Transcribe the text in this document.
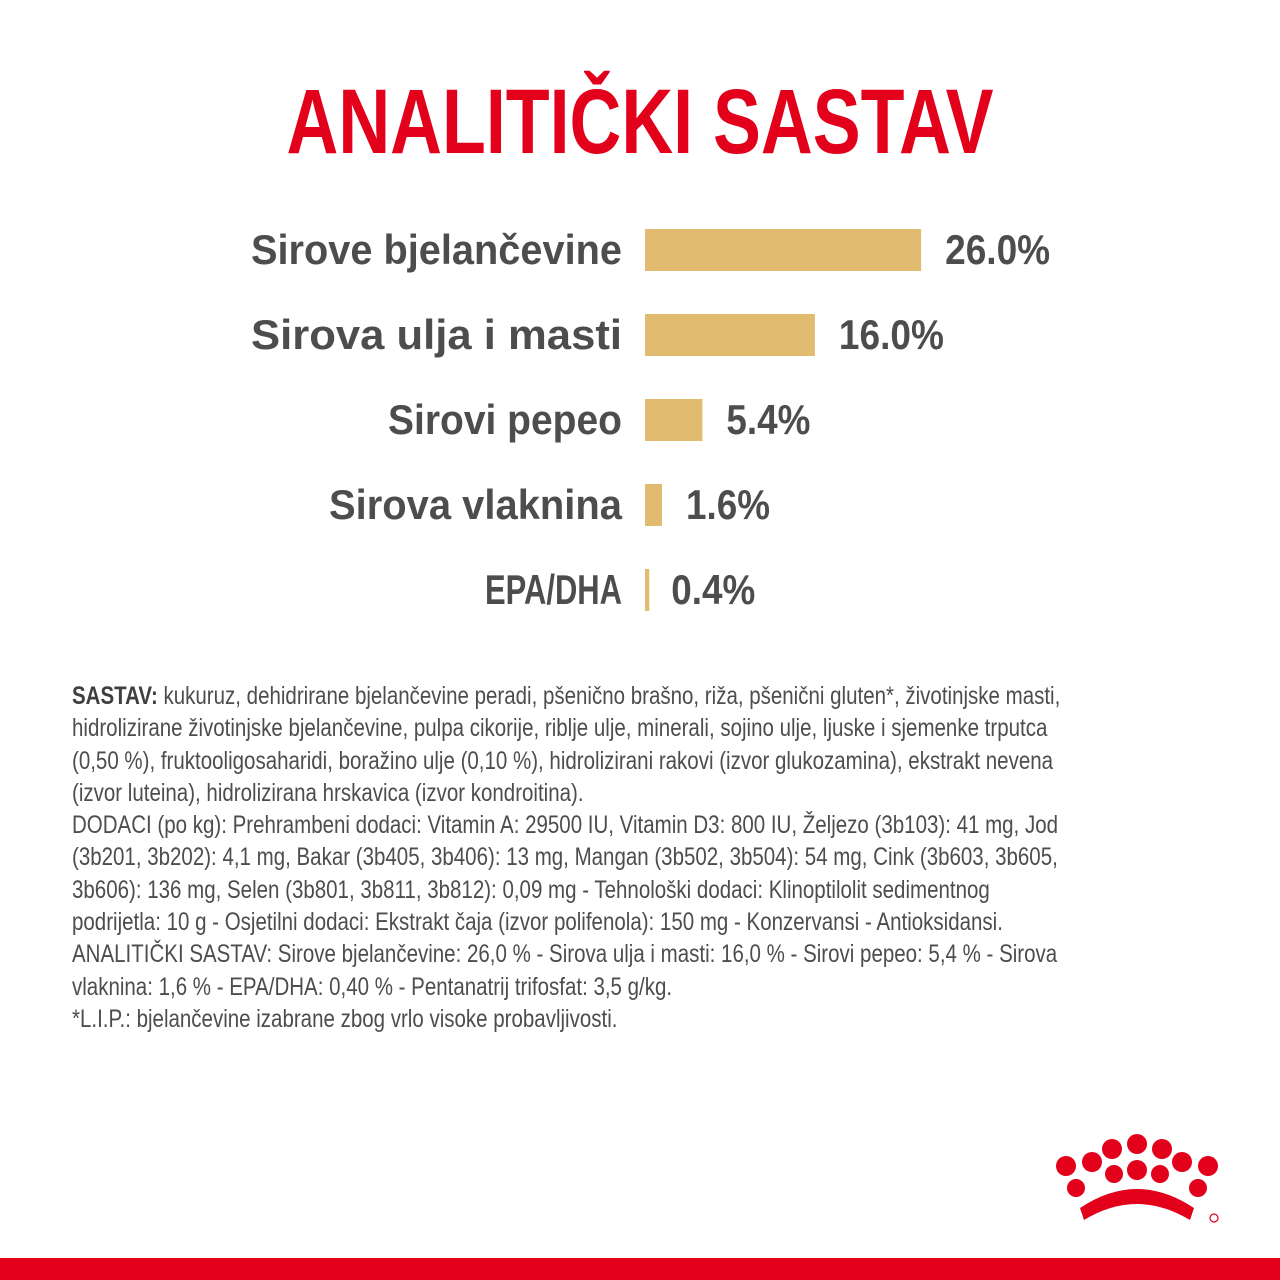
ANALITIČKI SASTAV
Sirove bjelančevine	26.0%
Sirova ulja i masti	16.0%
Sirovi pepeo 5.4%
Sirova vlaknina 1.6%
EPA/DHA 0.4%
SASTAV: kukuruz, dehidrirane bjelančevine peradi, pšenično brašno, riža, pšenični gluten*, životinjske masti,
hidrolizirane životinjske bjelančevine, pulpa cikorije, riblje ulje, minerali, sojino ulje, ljuske i sjemenke trputca
(0,50 %), fruktooligosaharidi, boražino ulje (0,10 %), hidrolizirani rakovi (izvor glukozamina), ekstrakt nevena
(izvor luteina), hidrolizirana hrskavica (izvor kondroitina).
DODACI (po kg): Prehrambeni dodaci: Vitamin A: 29500 IU, Vitamin D3: 800 IU, Željezo (3b103): 41 mg, Jod
(3b201, 3b202): 4,1 mg, Bakar (3b405, 3b406): 13 mg, Mangan (3b502, 3b504): 54 mg, Cink (3b603, 3b605,
3b606): 136 mg, Selen (3b801, 3b811, 3b812): 0,09 mg - Tehnološki dodaci: Klinoptilolit sedimentnog
podrijetla: 10 g - Osjetilni dodaci: Ekstrakt čaja (izvor polifenola): 150 mg - Konzervansi - Antioksidansi.
ANALITIČKI SASTAV: Sirove bjelančevine: 26,0 % - Sirova ulja i masti: 16,0 % - Sirovi pepeo: 5,4 % - Sirova
vlaknina: 1,6 % - EPA/DHA: 0,40 % - Pentanatrij trifosfat: 3,5 g/kg.
*L.I.P.: bjelančevine izabrane zbog vrlo visoke probavljivosti.
